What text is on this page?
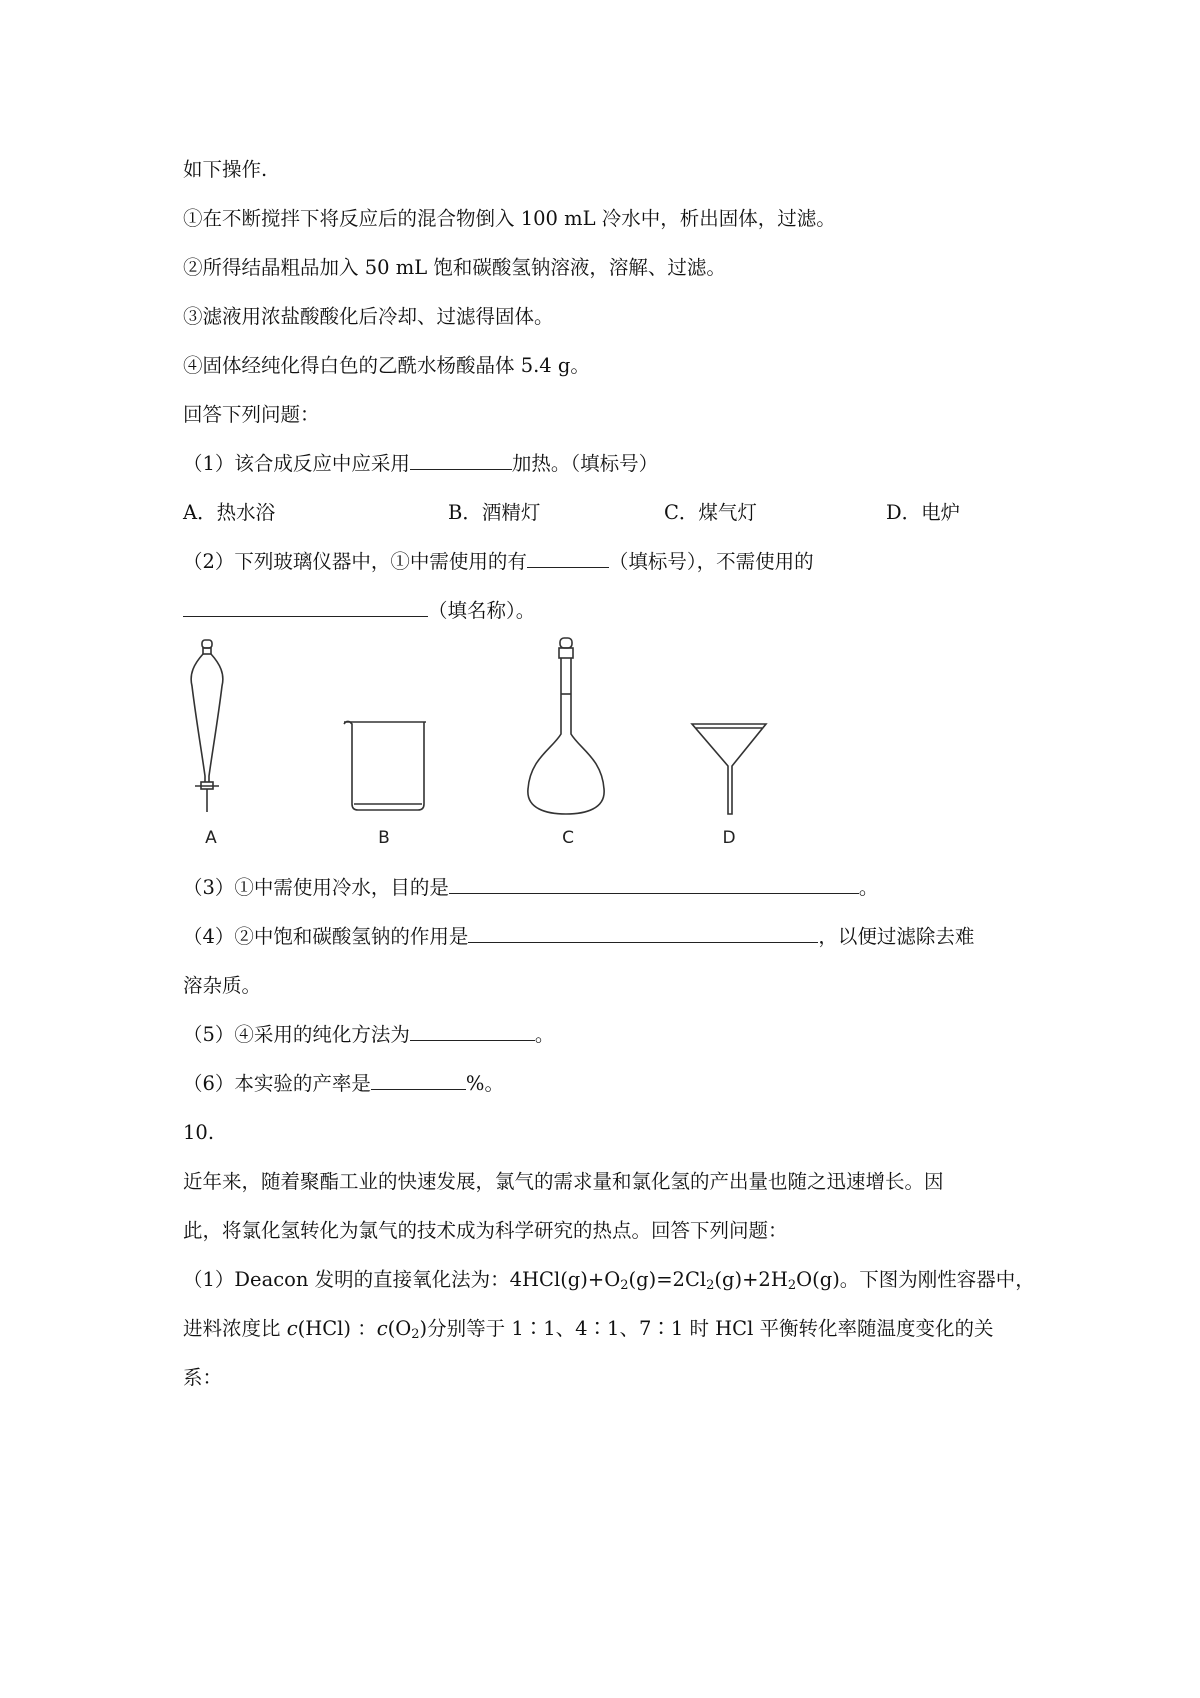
如下操作.
①在不断搅拌下将反应后的混合物倒入 100 mL 冷水中，析出固体，过滤。
②所得结晶粗品加入 50 mL 饱和碳酸氢钠溶液，溶解、过滤。
③滤液用浓盐酸酸化后冷却、过滤得固体。
④固体经纯化得白色的乙酰水杨酸晶体 5.4 g。
回答下列问题：
（1）该合成反应中应采用	加热。（填标号）
A．热水浴	B．酒精灯	C．煤气灯	D．电炉
（2）下列玻璃仪器中，①中需使用的有	（填标号），不需使用的
（填名称）。
A	B	C	D
（3）①中需使用冷水，目的是	。
（4）②中饱和碳酸氢钠的作用是	，以便过滤除去难
溶杂质。
（5）④采用的纯化方法为	。
（6）本实验的产率是	%。
10.
近年来，随着聚酯工业的快速发展，氯气的需求量和氯化氢的产出量也随之迅速增长。因
此，将氯化氢转化为氯气的技术成为科学研究的热点。回答下列问题：
（1）Deacon 发明的直接氧化法为：$4HCl(g)+O_2(g)=2Cl_2(g)+2H_2O(g)$。下图为刚性容器中，
进料浓度比 c(HCl) ：$c(O_2)$分别等于 1∶1、4∶1、7∶1 时 HCl 平衡转化率随温度变化的关
系：
